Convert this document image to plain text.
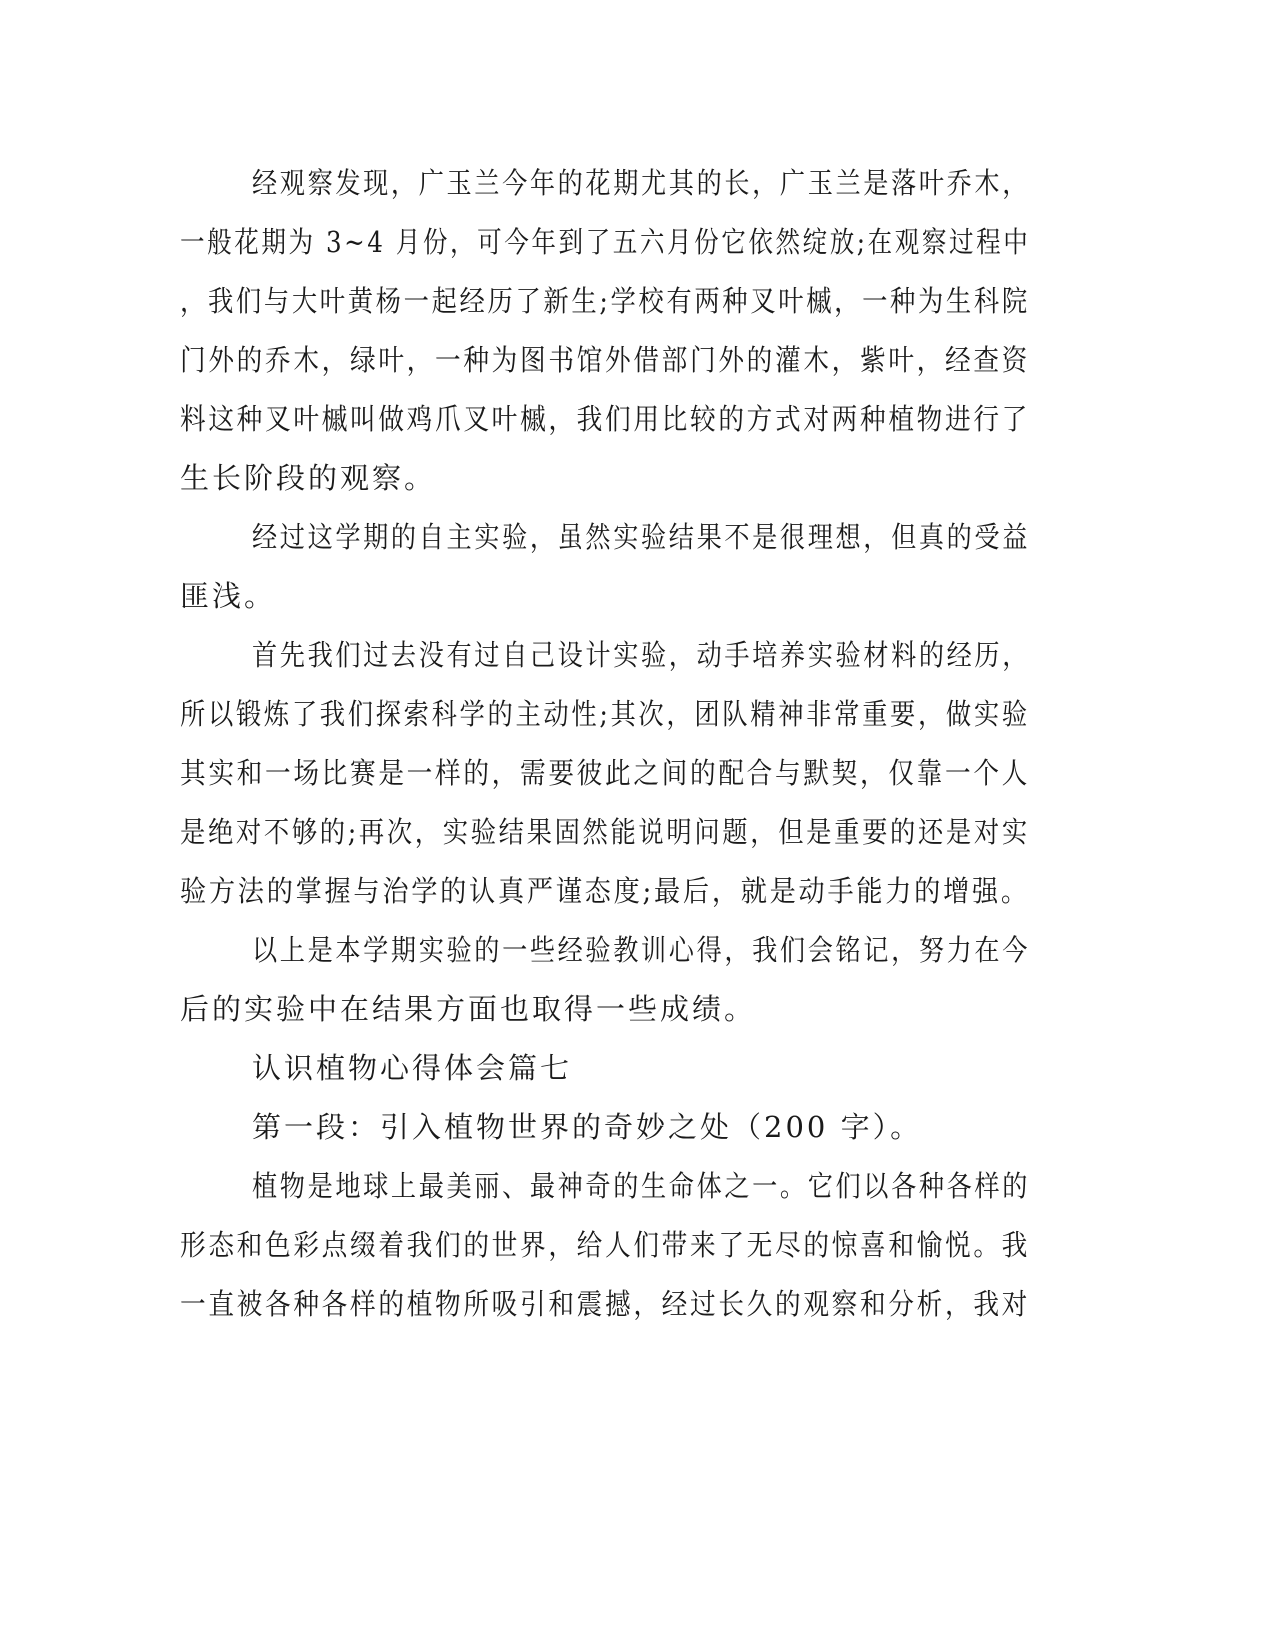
经观察发现，广玉兰今年的花期尤其的长，广玉兰是落叶乔木，
一般花期为 3~4 月份，可今年到了五六月份它依然绽放;在观察过程中
，我们与大叶黄杨一起经历了新生;学校有两种叉叶槭，一种为生科院
门外的乔木，绿叶，一种为图书馆外借部门外的灌木，紫叶，经查资
料这种叉叶槭叫做鸡爪叉叶槭，我们用比较的方式对两种植物进行了
生长阶段的观察。
经过这学期的自主实验，虽然实验结果不是很理想，但真的受益
匪浅。
首先我们过去没有过自己设计实验，动手培养实验材料的经历，
所以锻炼了我们探索科学的主动性;其次，团队精神非常重要，做实验
其实和一场比赛是一样的，需要彼此之间的配合与默契，仅靠一个人
是绝对不够的;再次，实验结果固然能说明问题，但是重要的还是对实
验方法的掌握与治学的认真严谨态度;最后，就是动手能力的增强。
以上是本学期实验的一些经验教训心得，我们会铭记，努力在今
后的实验中在结果方面也取得一些成绩。
认识植物心得体会篇七
第一段：引入植物世界的奇妙之处（200 字）。
植物是地球上最美丽、最神奇的生命体之一。它们以各种各样的
形态和色彩点缀着我们的世界，给人们带来了无尽的惊喜和愉悦。我
一直被各种各样的植物所吸引和震撼，经过长久的观察和分析，我对
